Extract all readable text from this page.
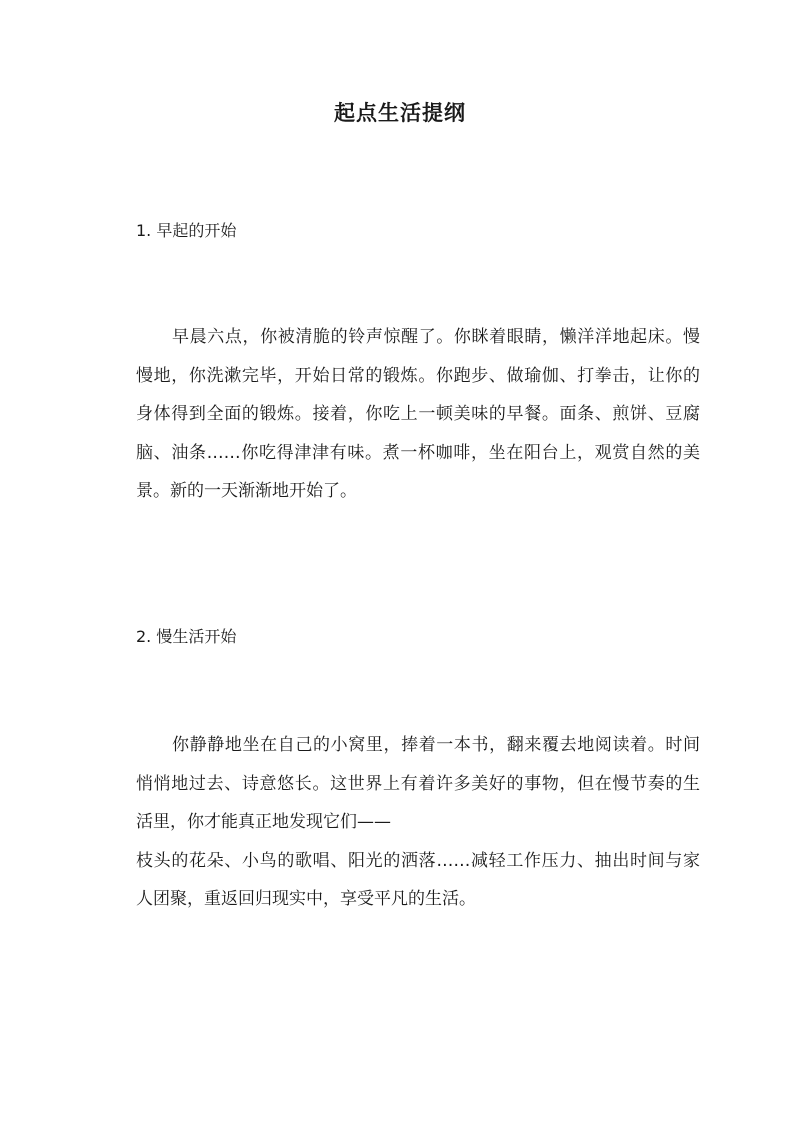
起点生活提纲
1. 早起的开始
早晨六点，你被清脆的铃声惊醒了。你眯着眼睛，懒洋洋地起床。慢
慢地，你洗漱完毕，开始日常的锻炼。你跑步、做瑜伽、打拳击，让你的
身体得到全面的锻炼。接着，你吃上一顿美味的早餐。面条、煎饼、豆腐
脑、油条……你吃得津津有味。煮一杯咖啡，坐在阳台上，观赏自然的美
景。新的一天渐渐地开始了。
2. 慢生活开始
你静静地坐在自己的小窝里，捧着一本书，翻来覆去地阅读着。时间
悄悄地过去、诗意悠长。这世界上有着许多美好的事物，但在慢节奏的生
活里，你才能真正地发现它们——
枝头的花朵、小鸟的歌唱、阳光的洒落……减轻工作压力、抽出时间与家
人团聚，重返回归现实中，享受平凡的生活。
